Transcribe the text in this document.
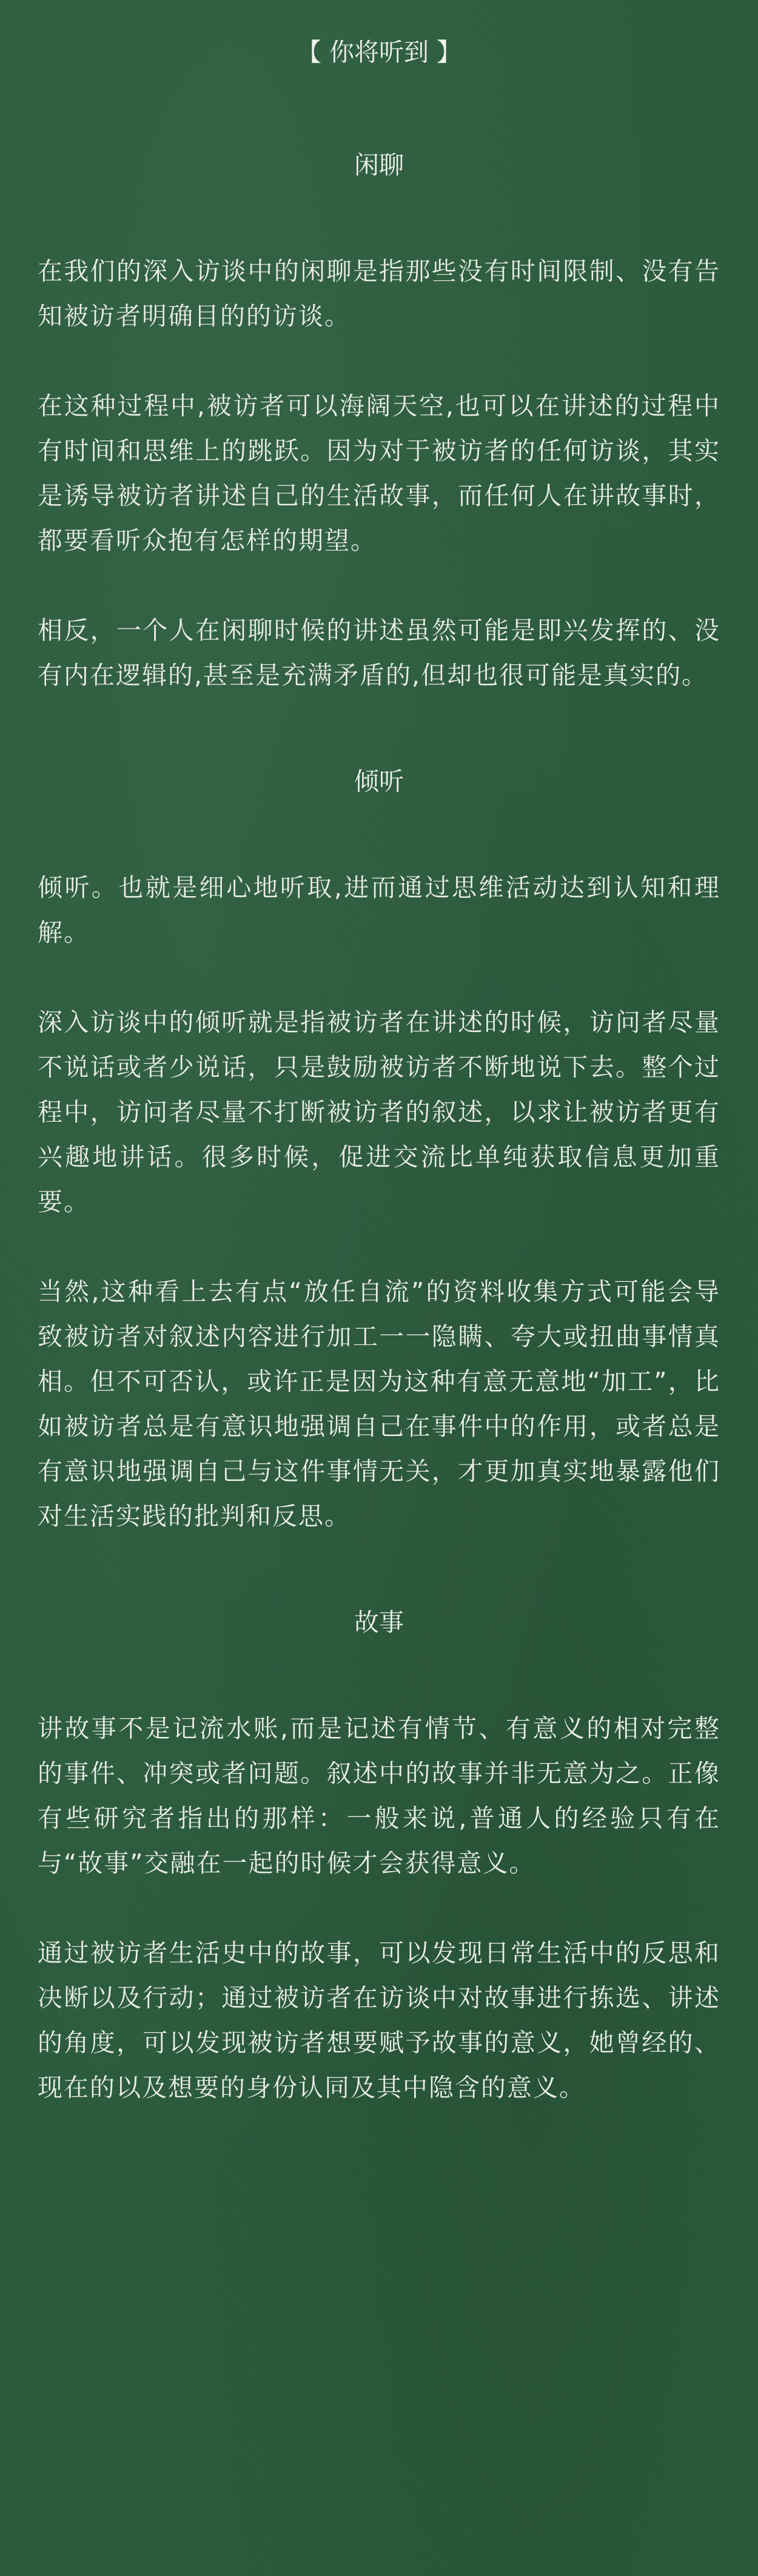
【 你将听到 】
闲聊

在我们的深入访谈中的闲聊是指那些没有时间限制、没有告知被访者明确目的的访谈。

在这种过程中,被访者可以海阔天空,也可以在讲述的过程中有时间和思维上的跳跃。因为对于被访者的任何访谈，其实是诱导被访者讲述自己的生活故事，而任何人在讲故事时，都要看听众抱有怎样的期望。

相反，一个人在闲聊时候的讲述虽然可能是即兴发挥的、没有内在逻辑的,甚至是充满矛盾的,但却也很可能是真实的。

倾听

倾听。也就是细心地听取,进而通过思维活动达到认知和理解。

深入访谈中的倾听就是指被访者在讲述的时候，访问者尽量不说话或者少说话，只是鼓励被访者不断地说下去。整个过程中，访问者尽量不打断被访者的叙述，以求让被访者更有兴趣地讲话。很多时候，促进交流比单纯获取信息更加重要。

当然,这种看上去有点“放任自流”的资料收集方式可能会导致被访者对叙述内容进行加工一一隐瞒、夸大或扭曲事情真相。但不可否认，或许正是因为这种有意无意地“加工”，比如被访者总是有意识地强调自己在事件中的作用，或者总是有意识地强调自己与这件事情无关，才更加真实地暴露他们对生活实践的批判和反思。

故事

讲故事不是记流水账,而是记述有情节、有意义的相对完整的事件、冲突或者问题。叙述中的故事并非无意为之。正像有些研究者指出的那样：一般来说,普通人的经验只有在与“故事”交融在一起的时候才会获得意义。

通过被访者生活史中的故事，可以发现日常生活中的反思和决断以及行动；通过被访者在访谈中对故事进行拣选、讲述的角度，可以发现被访者想要赋予故事的意义，她曾经的、现在的以及想要的身份认同及其中隐含的意义。
